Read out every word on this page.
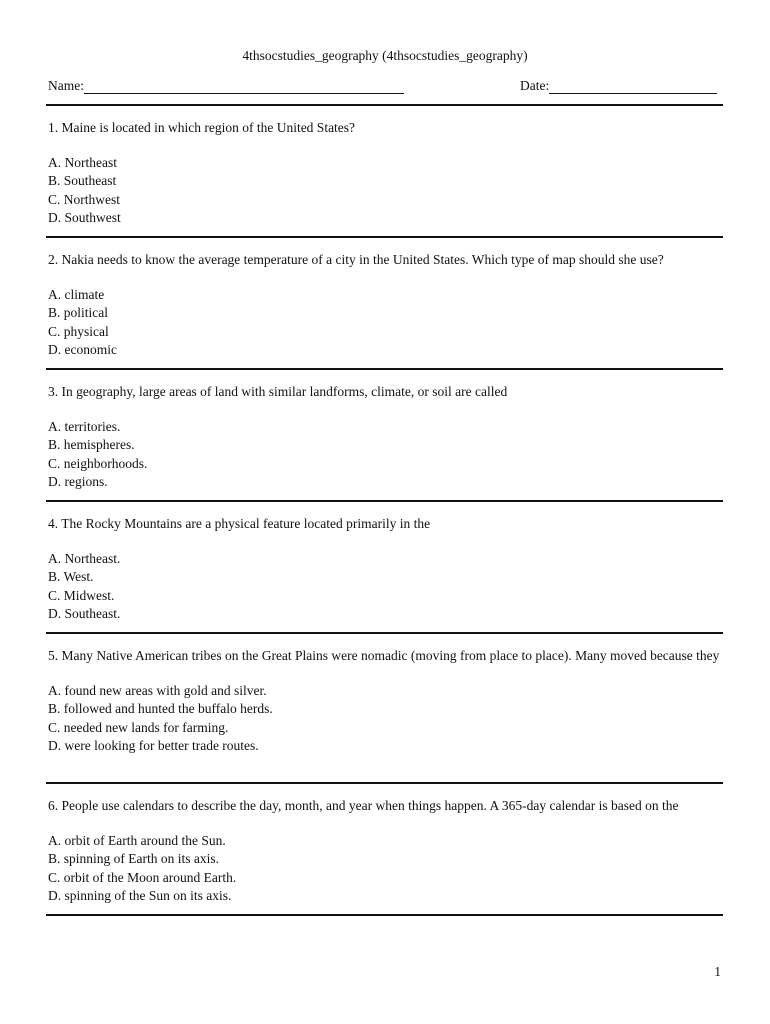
4thsocstudies_geography (4thsocstudies_geography)
Name:	Date:
1. Maine is located in which region of the United States?
A. Northeast
B. Southeast
C. Northwest
D. Southwest
2. Nakia needs to know the average temperature of a city in the United States. Which type of map should she use?
A. climate
B. political
C. physical
D. economic
3. In geography, large areas of land with similar landforms, climate, or soil are called
A. territories.
B. hemispheres.
C. neighborhoods.
D. regions.
4. The Rocky Mountains are a physical feature located primarily in the
A. Northeast.
B. West.
C. Midwest.
D. Southeast.
5. Many Native American tribes on the Great Plains were nomadic (moving from place to place). Many moved because they
A. found new areas with gold and silver.
B. followed and hunted the buffalo herds.
C. needed new lands for farming.
D. were looking for better trade routes.
6. People use calendars to describe the day, month, and year when things happen. A 365-day calendar is based on the
A. orbit of Earth around the Sun.
B. spinning of Earth on its axis.
C. orbit of the Moon around Earth.
D. spinning of the Sun on its axis.
1
